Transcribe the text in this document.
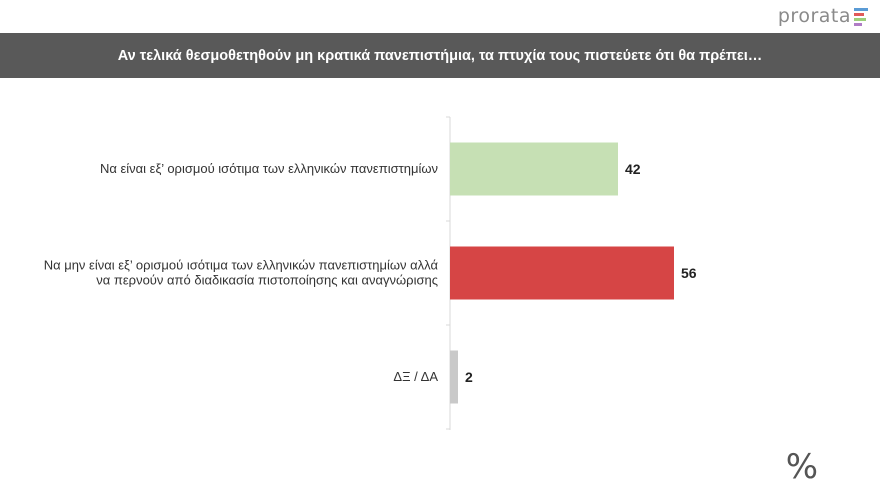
prorata
Αν τελικά θεσμοθετηθούν μη κρατικά πανεπιστήμια, τα πτυχία τους πιστεύετε ότι θα πρέπει…
42
Να είναι εξ’ ορισμού ισότιμα των ελληνικών πανεπιστημίων
56
Να μην είναι εξ’ ορισμού ισότιμα των ελληνικών πανεπιστημίων αλλά
να περνούν από διαδικασία πιστοποίησης και αναγνώρισης
2
ΔΞ / ΔΑ
%
